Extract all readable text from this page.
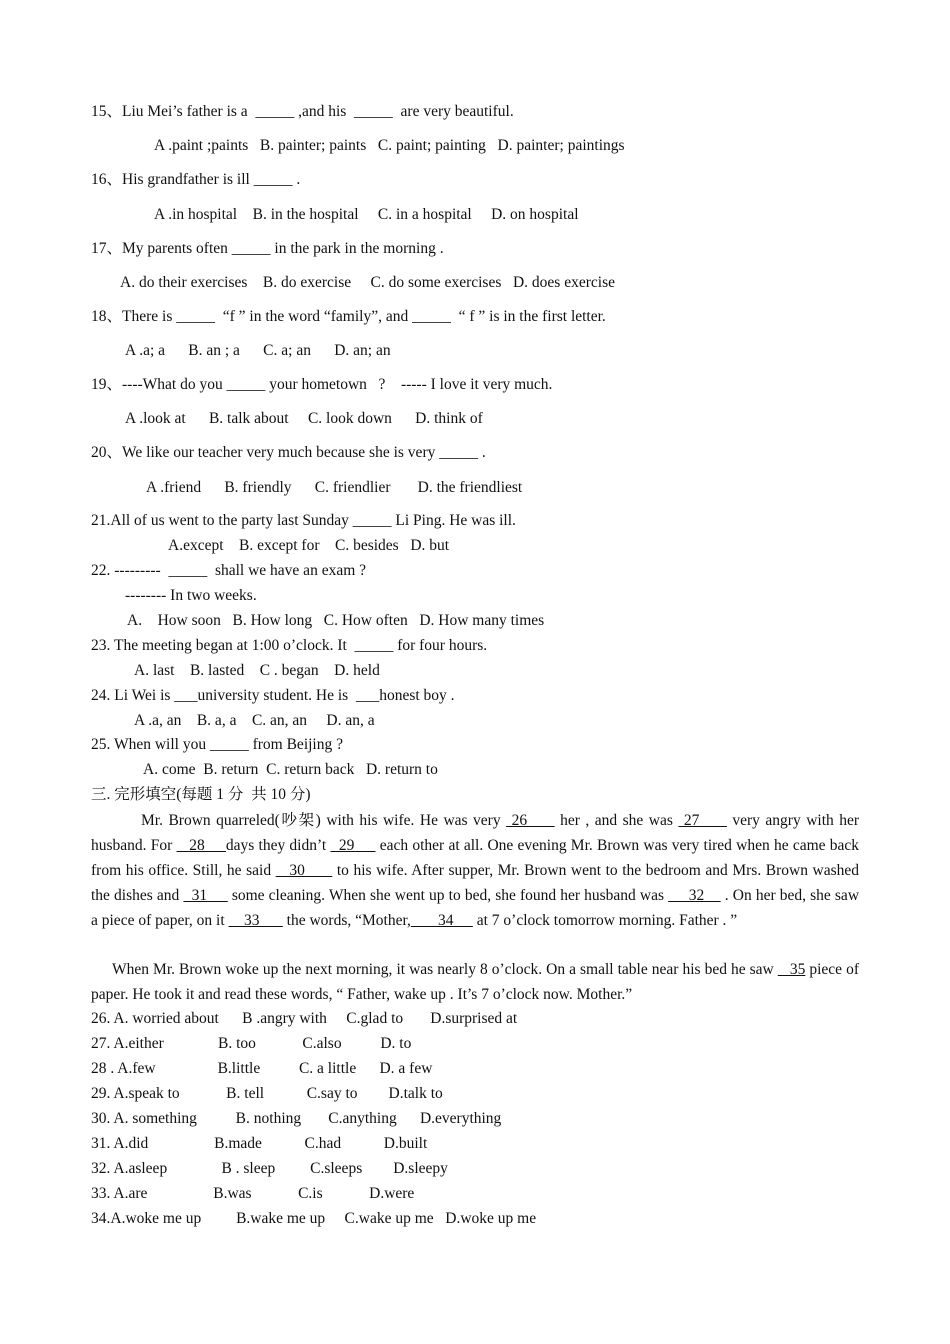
15、Liu Mei’s father is a  _____ ,and his  _____  are very beautiful.
A .paint ;paints   B. painter; paints   C. paint; painting   D. painter; paintings
16、His grandfather is ill _____ .
A .in hospital    B. in the hospital     C. in a hospital     D. on hospital
17、My parents often _____ in the park in the morning .
A. do their exercises    B. do exercise     C. do some exercises   D. does exercise
18、There is _____  “f ” in the word “family”, and _____  “ f ” is in the first letter.
A .a; a      B. an ; a      C. a; an      D. an; an
19、----What do you _____ your hometown   ?    ----- I love it very much.
A .look at      B. talk about     C. look down      D. think of
20、We like our teacher very much because she is very _____ .
A .friend      B. friendly      C. friendlier       D. the friendliest
21.All of us went to the party last Sunday _____ Li Ping. He was ill.
A.except    B. except for    C. besides   D. but
22. ---------  _____  shall we have an exam ?
-------- In two weeks.
A.    How soon   B. How long   C. How often   D. How many times
23. The meeting began at 1:00 o’clock. It  _____ for four hours.
A. last    B. lasted    C . began    D. held
24. Li Wei is ___university student. He is  ___honest boy .
A .a, an    B. a, a    C. an, an     D. an, a
25. When will you _____ from Beijing ?
A. come  B. return  C. return back   D. return to
三. 完形填空(每题 1 分  共 10 分)
Mr. Brown quarreled(吵架) with his wife. He was very  26      her , and she was  27      very angry with her husband. For    28     days they didn’t   29      each other at all. One evening Mr. Brown was very tired when he came back from his office. Still, he said    30       to his wife. After supper, Mr. Brown went to the bedroom and Mrs. Brown washed the dishes and   31      some cleaning. When she went up to bed, she found her husband was      32     . On her bed, she saw a piece of paper, on it     33       the words, “Mother,       34      at 7 o’clock tomorrow morning. Father . ”
When Mr. Brown woke up the next morning, it was nearly 8 o’clock. On a small table near his bed he saw    35 piece of paper. He took it and read these words, “ Father, wake up . It’s 7 o’clock now. Mother.”
26. A. worried about      B .angry with     C.glad to       D.surprised at
27. A.either              B. too            C.also          D. to
28 . A.few                B.little          C. a little      D. a few
29. A.speak to            B. tell           C.say to        D.talk to
30. A. something          B. nothing       C.anything      D.everything
31. A.did                 B.made           C.had           D.built
32. A.asleep              B . sleep         C.sleeps        D.sleepy
33. A.are                 B.was            C.is            D.were
34.A.woke me up         B.wake me up     C.wake up me   D.woke up me
